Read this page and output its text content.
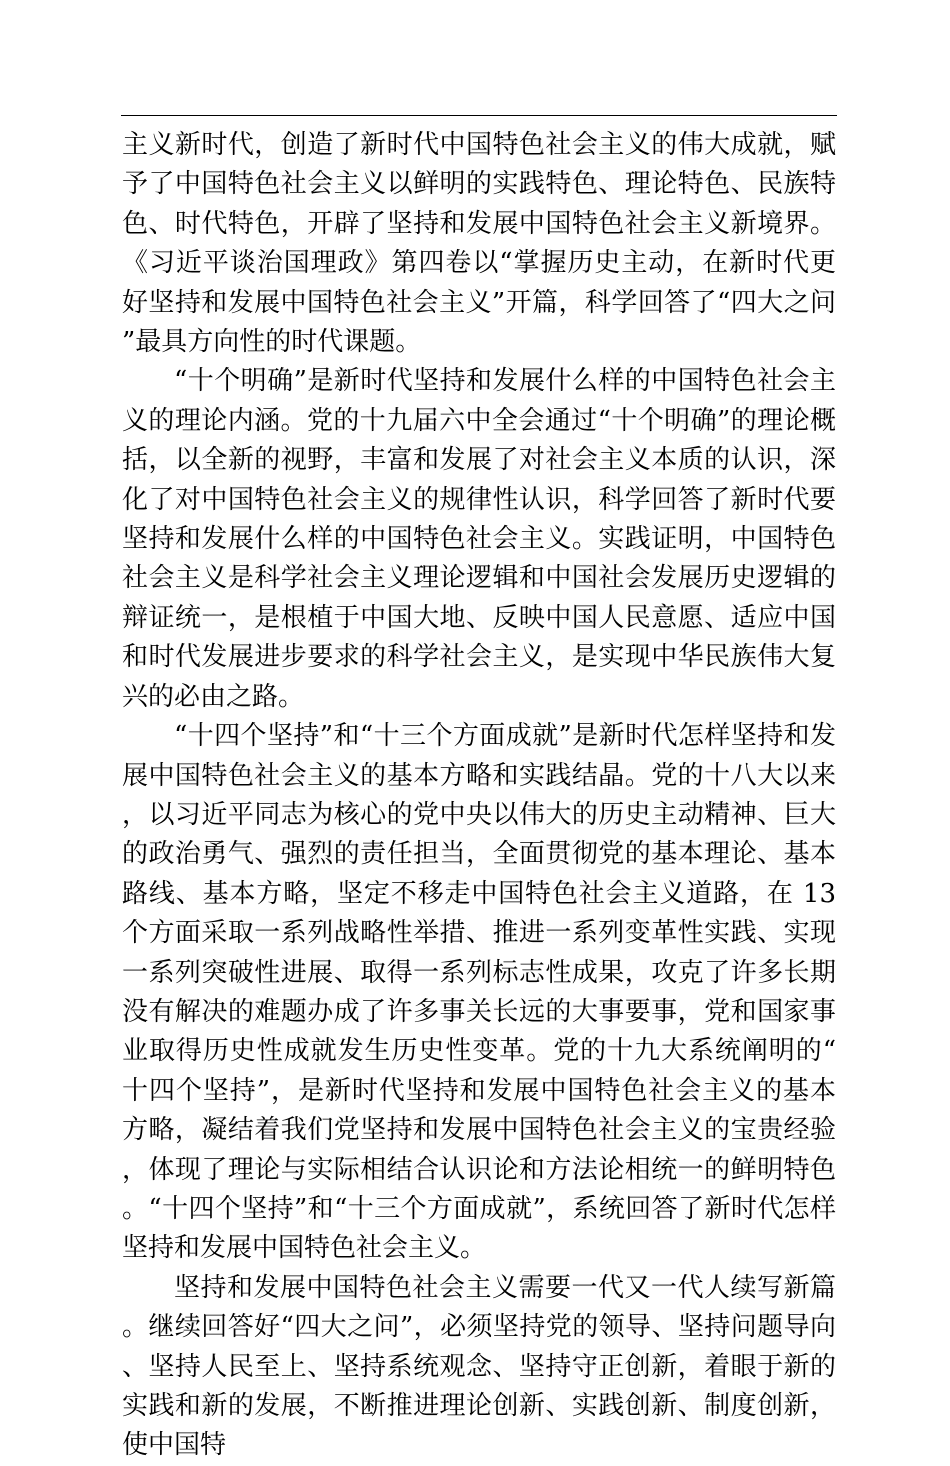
主义新时代，创造了新时代中国特色社会主义的伟大成就，赋予了中国特色社会主义以鲜明的实践特色、理论特色、民族特色、时代特色，开辟了坚持和发展中国特色社会主义新境界。《习近平谈治国理政》第四卷以“掌握历史主动，在新时代更好坚持和发展中国特色社会主义”开篇，科学回答了“四大之问”最具方向性的时代课题。

“十个明确”是新时代坚持和发展什么样的中国特色社会主义的理论内涵。党的十九届六中全会通过“十个明确”的理论概括，以全新的视野，丰富和发展了对社会主义本质的认识，深化了对中国特色社会主义的规律性认识，科学回答了新时代要坚持和发展什么样的中国特色社会主义。实践证明，中国特色社会主义是科学社会主义理论逻辑和中国社会发展历史逻辑的辩证统一，是根植于中国大地、反映中国人民意愿、适应中国和时代发展进步要求的科学社会主义，是实现中华民族伟大复兴的必由之路。

“十四个坚持”和“十三个方面成就”是新时代怎样坚持和发展中国特色社会主义的基本方略和实践结晶。党的十八大以来，以习近平同志为核心的党中央以伟大的历史主动精神、巨大的政治勇气、强烈的责任担当，全面贯彻党的基本理论、基本路线、基本方略，坚定不移走中国特色社会主义道路，在 13 个方面采取一系列战略性举措、推进一系列变革性实践、实现一系列突破性进展、取得一系列标志性成果，攻克了许多长期没有解决的难题办成了许多事关长远的大事要事，党和国家事业取得历史性成就发生历史性变革。党的十九大系统阐明的“十四个坚持”，是新时代坚持和发展中国特色社会主义的基本方略，凝结着我们党坚持和发展中国特色社会主义的宝贵经验，体现了理论与实际相结合认识论和方法论相统一的鲜明特色。“十四个坚持”和“十三个方面成就”，系统回答了新时代怎样坚持和发展中国特色社会主义。

坚持和发展中国特色社会主义需要一代又一代人续写新篇。继续回答好“四大之问”，必须坚持党的领导、坚持问题导向、坚持人民至上、坚持系统观念、坚持守正创新，着眼于新的实践和新的发展，不断推进理论创新、实践创新、制度创新，使中国特
